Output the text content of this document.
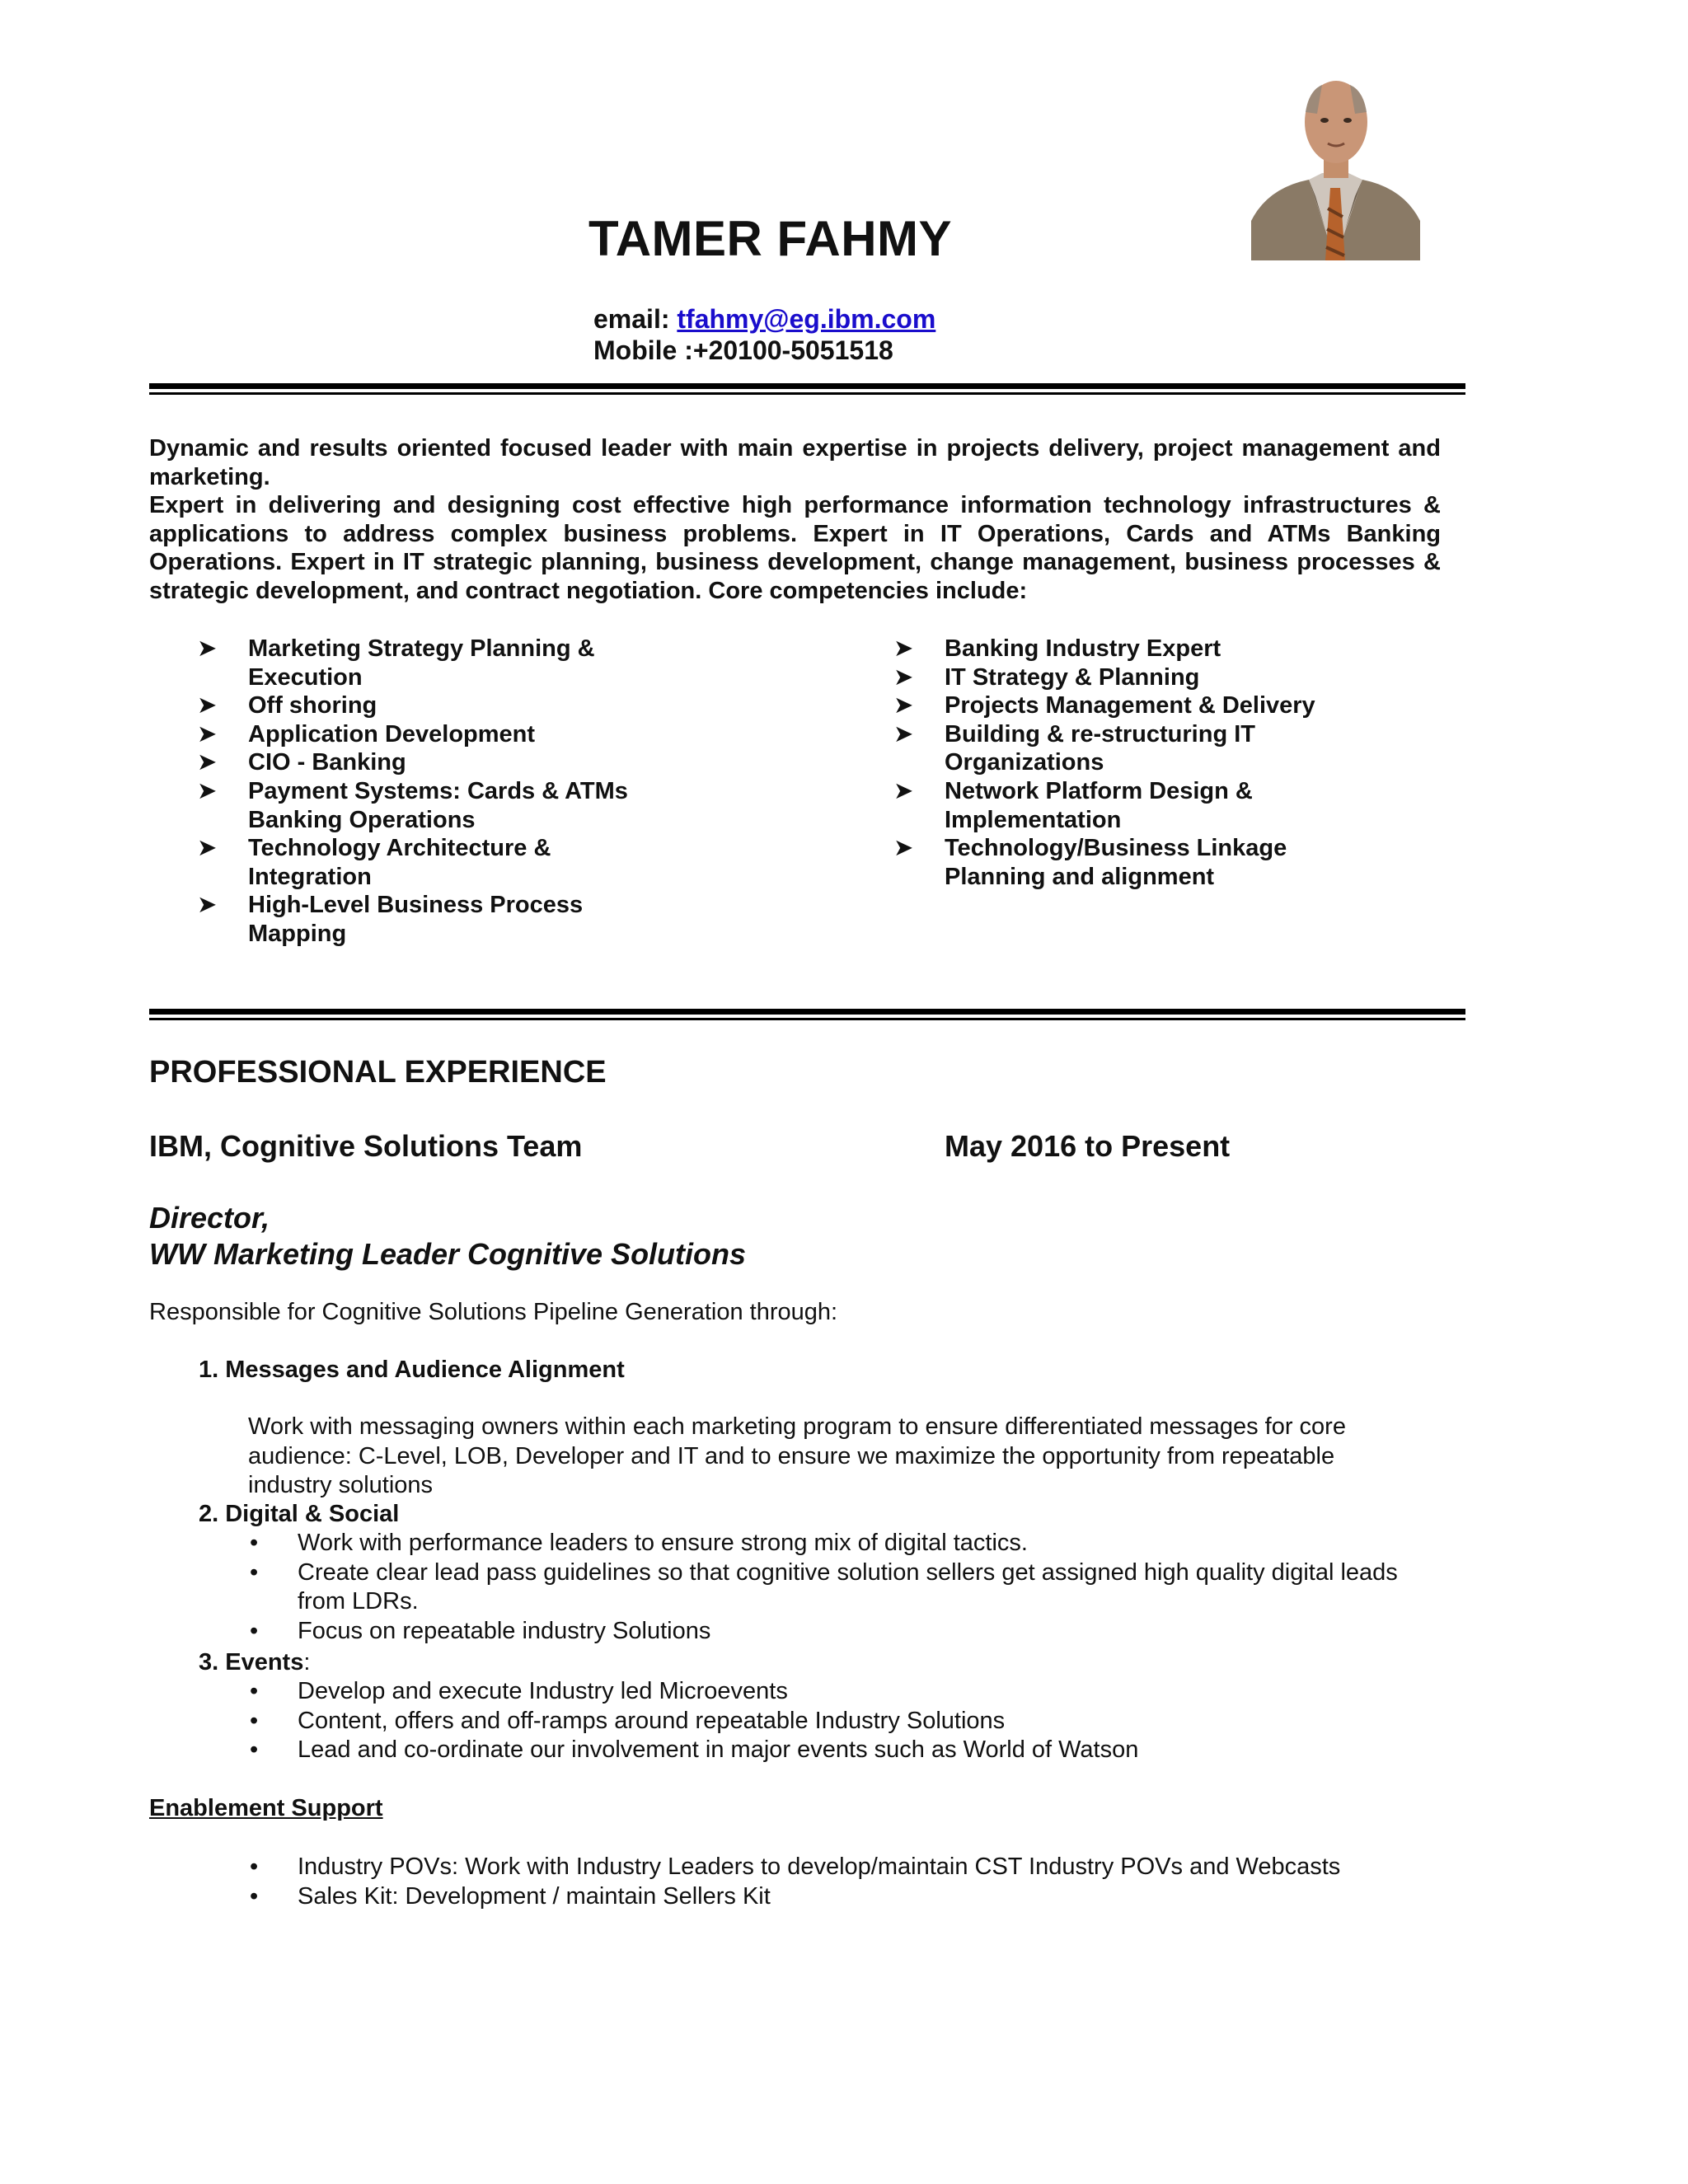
TAMER FAHMY
email: tfahmy@eg.ibm.com
Mobile :+20100-5051518

Dynamic and results oriented focused leader with main expertise in projects delivery, project management and marketing.

Expert in delivering and designing cost effective high performance information technology infrastructures & applications to address complex business problems. Expert in IT Operations, Cards and ATMs Banking Operations. Expert in IT strategic planning, business development, change management, business processes & strategic development, and contract negotiation. Core competencies include:

➤ Marketing Strategy Planning & Execution
➤ Off shoring
➤ Application Development
➤ CIO - Banking
➤ Payment Systems: Cards & ATMs Banking Operations
➤ Technology Architecture & Integration
➤ High-Level Business Process Mapping
➤ Banking Industry Expert
➤ IT Strategy & Planning
➤ Projects Management & Delivery
➤ Building & re-structuring IT Organizations
➤ Network Platform Design & Implementation
➤ Technology/Business Linkage Planning and alignment
PROFESSIONAL EXPERIENCE
IBM, Cognitive Solutions Team	May 2016 to Present
Director,
WW Marketing Leader Cognitive Solutions
Responsible for Cognitive Solutions Pipeline Generation through:
1. Messages and Audience Alignment
Work with messaging owners within each marketing program to ensure differentiated messages for core audience: C-Level, LOB, Developer and IT and to ensure we maximize the opportunity from repeatable industry solutions
2. Digital & Social
• Work with performance leaders to ensure strong mix of digital tactics.
• Create clear lead pass guidelines so that cognitive solution sellers get assigned high quality digital leads from LDRs.
• Focus on repeatable industry Solutions
3. Events:
• Develop and execute Industry led Microevents
• Content, offers and off-ramps around repeatable Industry Solutions
• Lead and co-ordinate our involvement in major events such as World of Watson
Enablement Support
• Industry POVs: Work with Industry Leaders to develop/maintain CST Industry POVs and Webcasts
• Sales Kit: Development / maintain Sellers Kit
